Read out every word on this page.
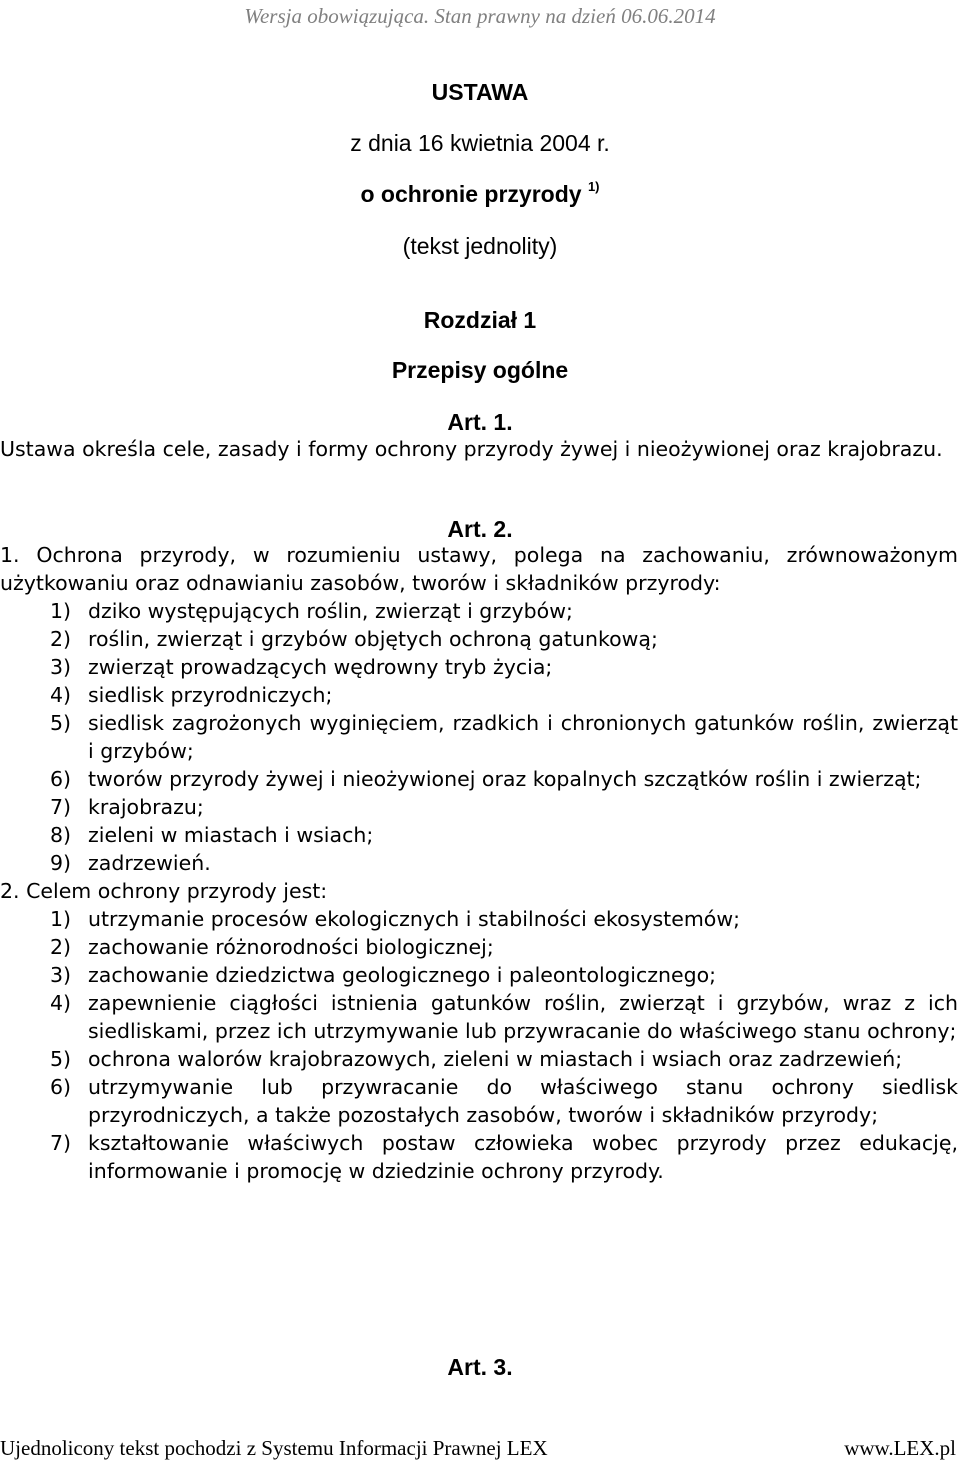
Wersja obowiązująca. Stan prawny na dzień 06.06.2014
USTAWA
z dnia 16 kwietnia 2004 r.
o ochronie przyrody $^{1)}$
(tekst jednolity)
Rozdział 1
Przepisy ogólne
Art. 1.
Ustawa określa cele, zasady i formy ochrony przyrody żywej i nieożywionej oraz krajobrazu.
Art. 2.

1. Ochrona przyrody, w rozumieniu ustawy, polega na zachowaniu, zrównoważonym użytkowaniu oraz odnawianiu zasobów, tworów i składników przyrody:

1) dziko występujących roślin, zwierząt i grzybów;
2) roślin, zwierząt i grzybów objętych ochroną gatunkową;
3) zwierząt prowadzących wędrowny tryb życia;
4) siedlisk przyrodniczych;
5) siedlisk zagrożonych wyginięciem, rzadkich i chronionych gatunków roślin, zwierząt i grzybów;
6) tworów przyrody żywej i nieożywionej oraz kopalnych szczątków roślin i zwierząt;
7) krajobrazu;
8) zieleni w miastach i wsiach;
9) zadrzewień.

2. Celem ochrony przyrody jest:

1) utrzymanie procesów ekologicznych i stabilności ekosystemów;
2) zachowanie różnorodności biologicznej;
3) zachowanie dziedzictwa geologicznego i paleontologicznego;
4) zapewnienie ciągłości istnienia gatunków roślin, zwierząt i grzybów, wraz z ich siedliskami, przez ich utrzymywanie lub przywracanie do właściwego stanu ochrony;
5) ochrona walorów krajobrazowych, zieleni w miastach i wsiach oraz zadrzewień;
6) utrzymywanie lub przywracanie do właściwego stanu ochrony siedlisk przyrodniczych, a także pozostałych zasobów, tworów i składników przyrody;
7) kształtowanie właściwych postaw człowieka wobec przyrody przez edukację, informowanie i promocję w dziedzinie ochrony przyrody.
Art. 3.
Ujednolicony tekst pochodzi z Systemu Informacji Prawnej LEX	www.LEX.pl
